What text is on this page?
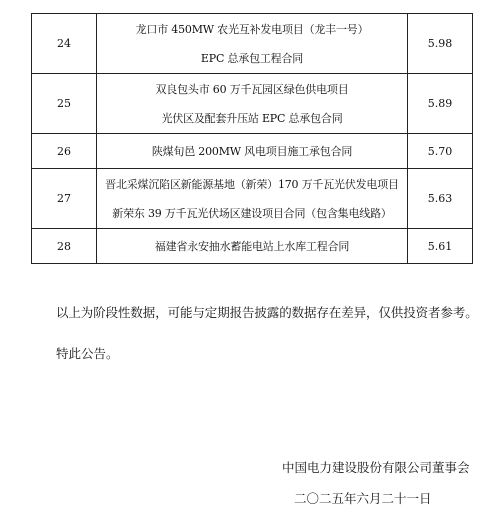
24	龙口市 450MW 农光互补发电项目（龙丰一号）
EPC 总承包工程合同	5.98
25	双良包头市 60 万千瓦园区绿色供电项目
光伏区及配套升压站 EPC 总承包合同	5.89
26	陕煤旬邑 200MW 风电项目施工承包合同	5.70
27	晋北采煤沉陷区新能源基地（新荣）170 万千瓦光伏发电项目
新荣东 39 万千瓦光伏场区建设项目合同（包含集电线路）	5.63
28	福建省永安抽水蓄能电站上水库工程合同	5.61

以上为阶段性数据，可能与定期报告披露的数据存在差异，仅供投资者参考。

特此公告。

中国电力建设股份有限公司董事会

二〇二五年六月二十一日
